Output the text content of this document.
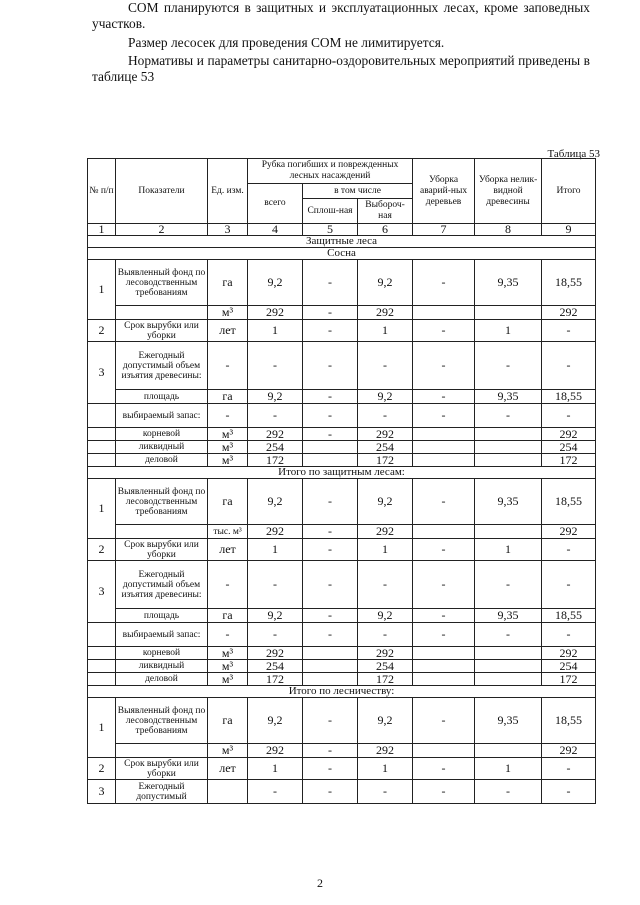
СОМ планируются в защитных и эксплуатационных лесах, кроме заповедных участков.

Размер лесосек для проведения СОМ не лимитируется.

Нормативы и параметры санитарно-оздоровительных мероприятий приведены в таблице 53

Таблица 53
№ п/п	Показатели	Ед. изм.	Рубка погибших и поврежденных лесных насаждений			Уборка аварий-ных деревьев	Уборка нелик-видной древесины	Итого
			всего	в том числе				
				Сплош-ная	Выбороч-ная			
1	2	3	4	5	6	7	8	9
Защитные леса								
Сосна								
1	Выявленный фонд по лесоводственным требованиям	га	9,2	-	9,2	-	9,35	18,55
		м³	292	-	292			292
2	Срок вырубки или уборки	лет	1	-	1	-	1	-
3	Ежегодный допустимый объем изъятия древесины:	-	-	-	-	-	-	-
	площадь	га	9,2	-	9,2	-	9,35	18,55
	выбираемый запас:	-	-	-	-	-	-	-
	корневой	м³	292	-	292			292
	ликвидный	м³	254		254			254
	деловой	м³	172		172			172
Итого по защитным лесам:								
1	Выявленный фонд по лесоводственным требованиям	га	9,2	-	9,2	-	9,35	18,55
		тыс. м³	292	-	292			292
2	Срок вырубки или уборки	лет	1	-	1	-	1	-
3	Ежегодный допустимый объем изъятия древесины:	-	-	-	-	-	-	-
	площадь	га	9,2	-	9,2	-	9,35	18,55
	выбираемый запас:	-	-	-	-	-	-	-
	корневой	м³	292		292			292
	ликвидный	м³	254		254			254
	деловой	м³	172		172			172
Итого по лесничеству:								
1	Выявленный фонд по лесоводственным требованиям	га	9,2	-	9,2	-	9,35	18,55
		м³	292	-	292			292
2	Срок вырубки или уборки	лет	1	-	1	-	1	-
3	Ежегодный допустимый		-	-	-	-	-	-
2
